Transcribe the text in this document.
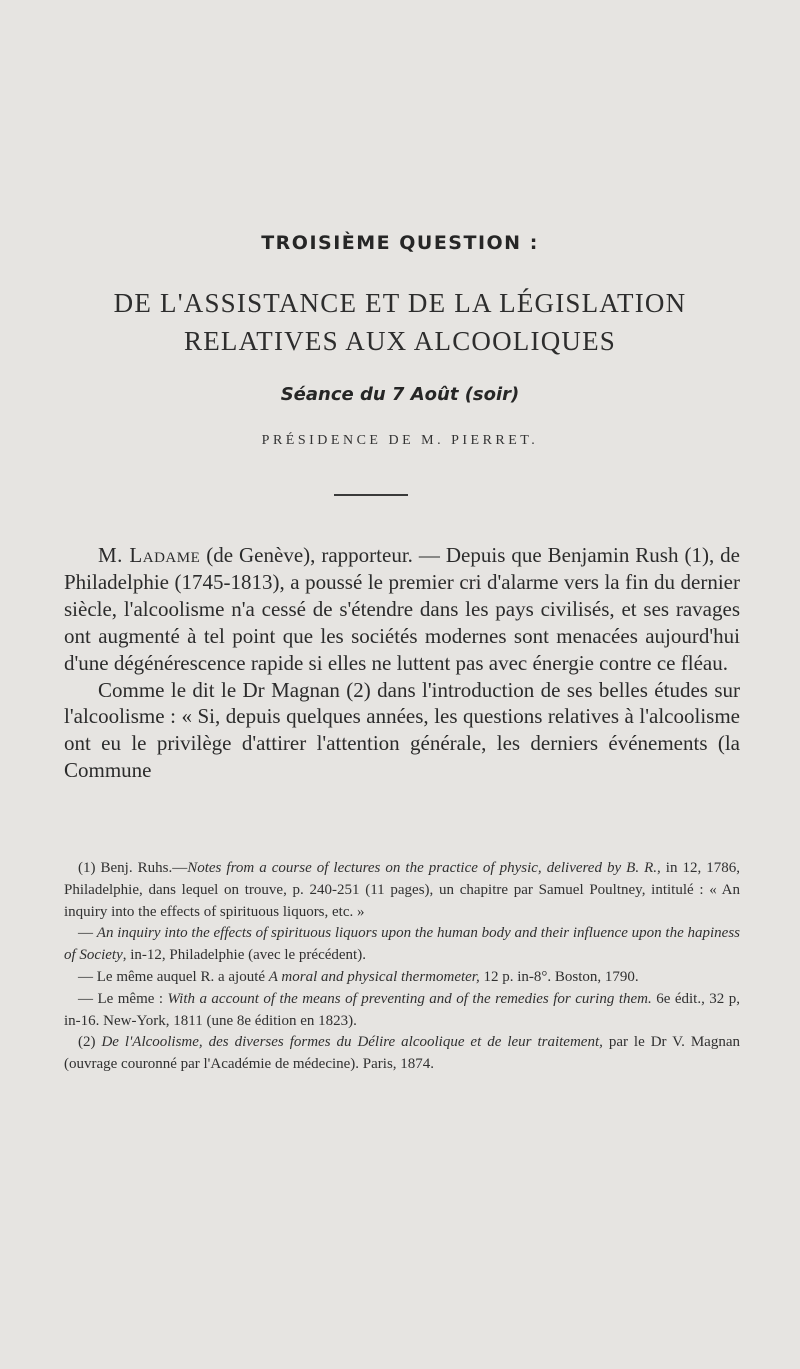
TROISIÈME QUESTION :
DE L'ASSISTANCE ET DE LA LÉGISLATION
RELATIVES AUX ALCOOLIQUES
Séance du 7 Août (soir)
PRÉSIDENCE DE M. PIERRET.

M. Ladame (de Genève), rapporteur. — Depuis que Benjamin Rush (1), de Philadelphie (1745-1813), a poussé le premier cri d'alarme vers la fin du dernier siècle, l'alcoolisme n'a cessé de s'étendre dans les pays civilisés, et ses ravages ont augmenté à tel point que les sociétés modernes sont menacées aujourd'hui d'une dégénérescence rapide si elles ne luttent pas avec énergie contre ce fléau.

Comme le dit le Dr Magnan (2) dans l'introduction de ses belles études sur l'alcoolisme : « Si, depuis quelques années, les questions relatives à l'alcoolisme ont eu le privilège d'attirer l'attention générale, les derniers événements (la Commune

(1) Benj. Ruhs.—Notes from a course of lectures on the practice of physic, delivered by B. R., in 12, 1786, Philadelphie, dans lequel on trouve, p. 240-251 (11 pages), un chapitre par Samuel Poultney, intitulé : « An inquiry into the effects of spirituous liquors, etc. »

— An inquiry into the effects of spirituous liquors upon the human body and their influence upon the hapiness of Society, in-12, Philadelphie (avec le précédent).

— Le même auquel R. a ajouté A moral and physical thermometer, 12 p. in-8°. Boston, 1790.

— Le même : With a account of the means of preventing and of the remedies for curing them. 6e édit., 32 p, in-16. New-York, 1811 (une 8e édition en 1823).

(2) De l'Alcoolisme, des diverses formes du Délire alcoolique et de leur traitement, par le Dr V. Magnan (ouvrage couronné par l'Académie de médecine). Paris, 1874.
